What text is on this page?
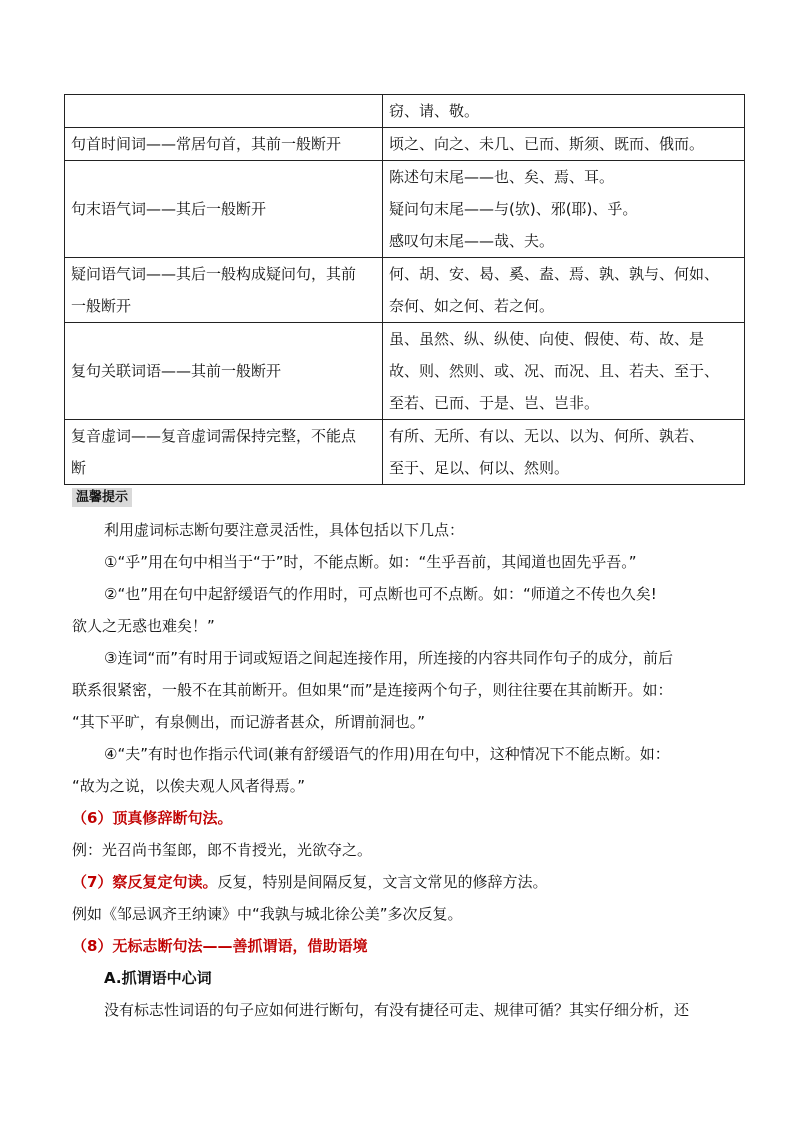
	窃、请、敬。

句首时间词——常居句首，其前一般断开	顷之、向之、未几、已而、斯须、既而、俄而。

句末语气词——其后一般断开	陈述句末尾——也、矣、焉、耳。
疑问句末尾——与(欤)、邪(耶)、乎。
感叹句末尾——哉、夫。

疑问语气词——其后一般构成疑问句，其前
一般断开	何、胡、安、曷、奚、盍、焉、孰、孰与、何如、
奈何、如之何、若之何。

复句关联词语——其前一般断开	虽、虽然、纵、纵使、向使、假使、苟、故、是
故、则、然则、或、况、而况、且、若夫、至于、
至若、已而、于是、岂、岂非。

复音虚词——复音虚词需保持完整，不能点
断	有所、无所、有以、无以、以为、何所、孰若、
至于、足以、何以、然则。
温馨提示
利用虚词标志断句要注意灵活性，具体包括以下几点：
①“乎”用在句中相当于“于”时，不能点断。如：“生乎吾前，其闻道也固先乎吾。”
②“也”用在句中起舒缓语气的作用时，可点断也可不点断。如：“师道之不传也久矣!
欲人之无惑也难矣！”
③连词“而”有时用于词或短语之间起连接作用，所连接的内容共同作句子的成分，前后
联系很紧密，一般不在其前断开。但如果“而”是连接两个句子，则往往要在其前断开。如：
“其下平旷，有泉侧出，而记游者甚众，所谓前洞也。”
④“夫”有时也作指示代词(兼有舒缓语气的作用)用在句中，这种情况下不能点断。如：
“故为之说，以俟夫观人风者得焉。”
（6）顶真修辞断句法。
例：光召尚书玺郎，郎不肯授光，光欲夺之。
（7）察反复定句读。反复，特别是间隔反复，文言文常见的修辞方法。
例如《邹忌讽齐王纳谏》中“我孰与城北徐公美”多次反复。
（8）无标志断句法——善抓谓语，借助语境
A.抓谓语中心词
没有标志性词语的句子应如何进行断句，有没有捷径可走、规律可循？其实仔细分析，还
